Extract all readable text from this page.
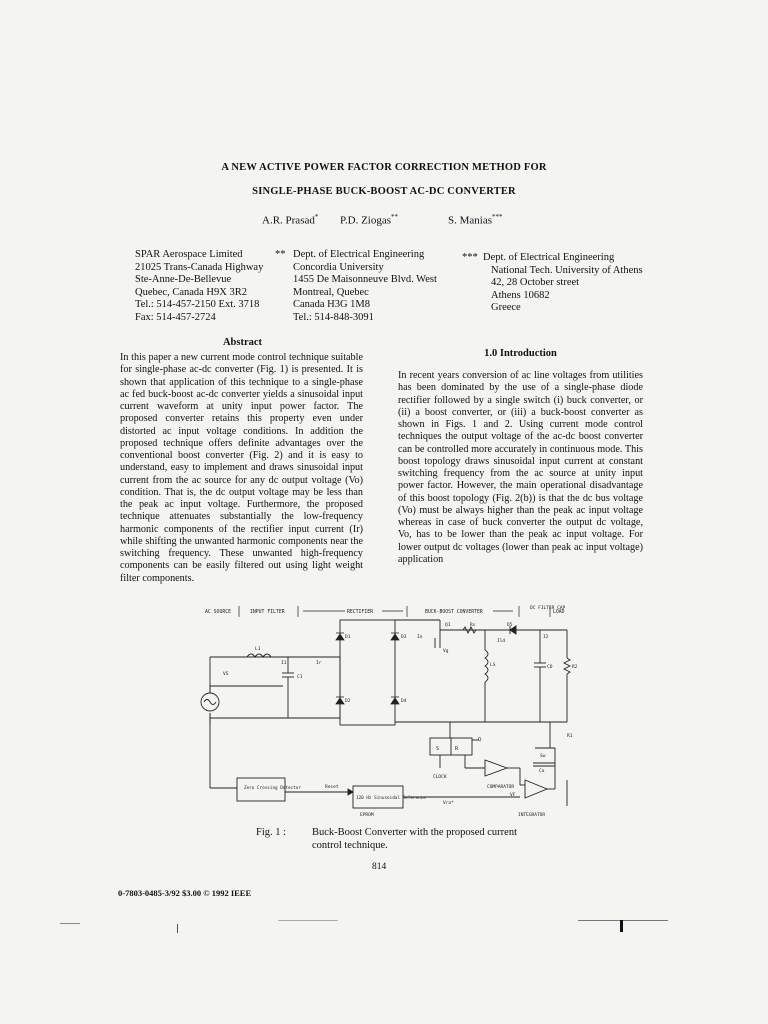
A NEW ACTIVE POWER FACTOR CORRECTION METHOD FOR
SINGLE-PHASE BUCK-BOOST AC-DC CONVERTER
A.R. Prasad* P.D. Ziogas**	S. Manias***
SPAR Aerospace Limited
21025 Trans-Canada Highway
Ste-Anne-De-Bellevue
Quebec, Canada H9X 3R2
Tel.: 514-457-2150 Ext. 3718
Fax: 514-457-2724
** Dept. of Electrical Engineering
Concordia University
1455 De Maisonneuve Blvd. West
Montreal, Quebec
Canada H3G 1M8
Tel.: 514-848-3091
*** Dept. of Electrical Engineering
National Tech. University of Athens
42, 28 October street
Athens 10682
Greece
Abstract

In this paper a new current mode control technique suitable for single-phase ac-dc converter (Fig. 1) is presented. It is shown that application of this technique to a single-phase ac fed buck-boost ac-dc converter yields a sinusoidal input current waveform at unity input power factor. The proposed converter retains this property even under distorted ac input voltage conditions. In addition the proposed technique offers definite advantages over the conventional boost converter (Fig. 2) and it is easy to understand, easy to implement and draws sinusoidal input current from the ac source for any dc output voltage (Vo) condition. That is, the dc output voltage may be less than the peak ac input voltage. Furthermore, the proposed technique attenuates substantially the low-frequency harmonic components of the rectifier input current (Ir) while shifting the unwanted harmonic components near the switching frequency. These unwanted high-frequency components can be easily filtered out using light weight filter components.

1.0 Introduction

In recent years conversion of ac line voltages from utilities has been dominated by the use of a single-phase diode rectifier followed by a single switch (i) buck converter, or (ii) a boost converter, or (iii) a buck-boost converter as shown in Figs. 1 and 2. Using current mode control techniques the output voltage of the ac-dc boost converter can be controlled more accurately in continuous mode. This boost topology draws sinusoidal input current at constant switching frequency from the ac source at unity input power factor. However, the main operational disadvantage of this boost topology (Fig. 2(b)) is that the dc bus voltage (Vo) must be always higher than the peak ac input voltage whereas in case of buck converter the output dc voltage, Vo, has to be lower than the peak ac input voltage. For lower output dc voltages (lower than peak ac input voltage) application

AC SOURCE	INPUT FILTER	RECTIFIER	BUCK-BOOST CONVERTER
DC FILTER CAP
LOAD
VS
L1
C1
I1	Ir
D1
D2
D3
D4
Io
Q1	Rs	D5
Vg
LS
Ild
CO	R2
I2
R1
S	R
Q
CLOCK
COMPARATOR
VF
Sw
Ca
INTEGRATOR
Zero Crossing Detector
120 Hz Sinusoidal Reference
Reset
Vra*
EPROM
Fig. 1 : Buck-Boost Converter with the proposed current control technique.
814
0-7803-0485-3/92 $3.00 © 1992 IEEE
